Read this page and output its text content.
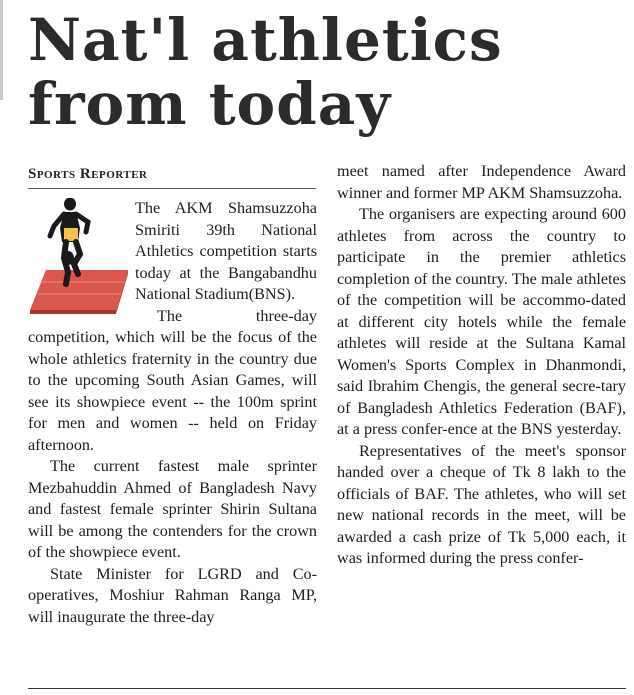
Nat'l athletics
from today
Sports Reporter

The AKM Shamsuzzoha Smiriti 39th National Athletics competition starts today at the Bangabandhu National Stadium(BNS).

The three-day competition, which will be the focus of the whole athletics fraternity in the country due to the upcoming South Asian Games, will see its showpiece event -- the 100m sprint for men and women -- held on Friday afternoon.

The current fastest male sprinter Mezbahuddin Ahmed of Bangladesh Navy and fastest female sprinter Shirin Sultana will be among the contenders for the crown of the showpiece event.

State Minister for LGRD and Co-operatives, Moshiur Rahman Ranga MP, will inaugurate the three-day

meet named after Independence Award winner and former MP AKM Shamsuzzoha.

The organisers are expecting around 600 athletes from across the country to participate in the premier athletics completion of the country. The male athletes of the competition will be accommo-dated at different city hotels while the female athletes will reside at the Sultana Kamal Women's Sports Complex in Dhanmondi, said Ibrahim Chengis, the general secre-tary of Bangladesh Athletics Federation (BAF), at a press confer-ence at the BNS yesterday.

Representatives of the meet's sponsor handed over a cheque of Tk 8 lakh to the officials of BAF. The athletes, who will set new national records in the meet, will be awarded a cash prize of Tk 5,000 each, it was informed during the press confer-
